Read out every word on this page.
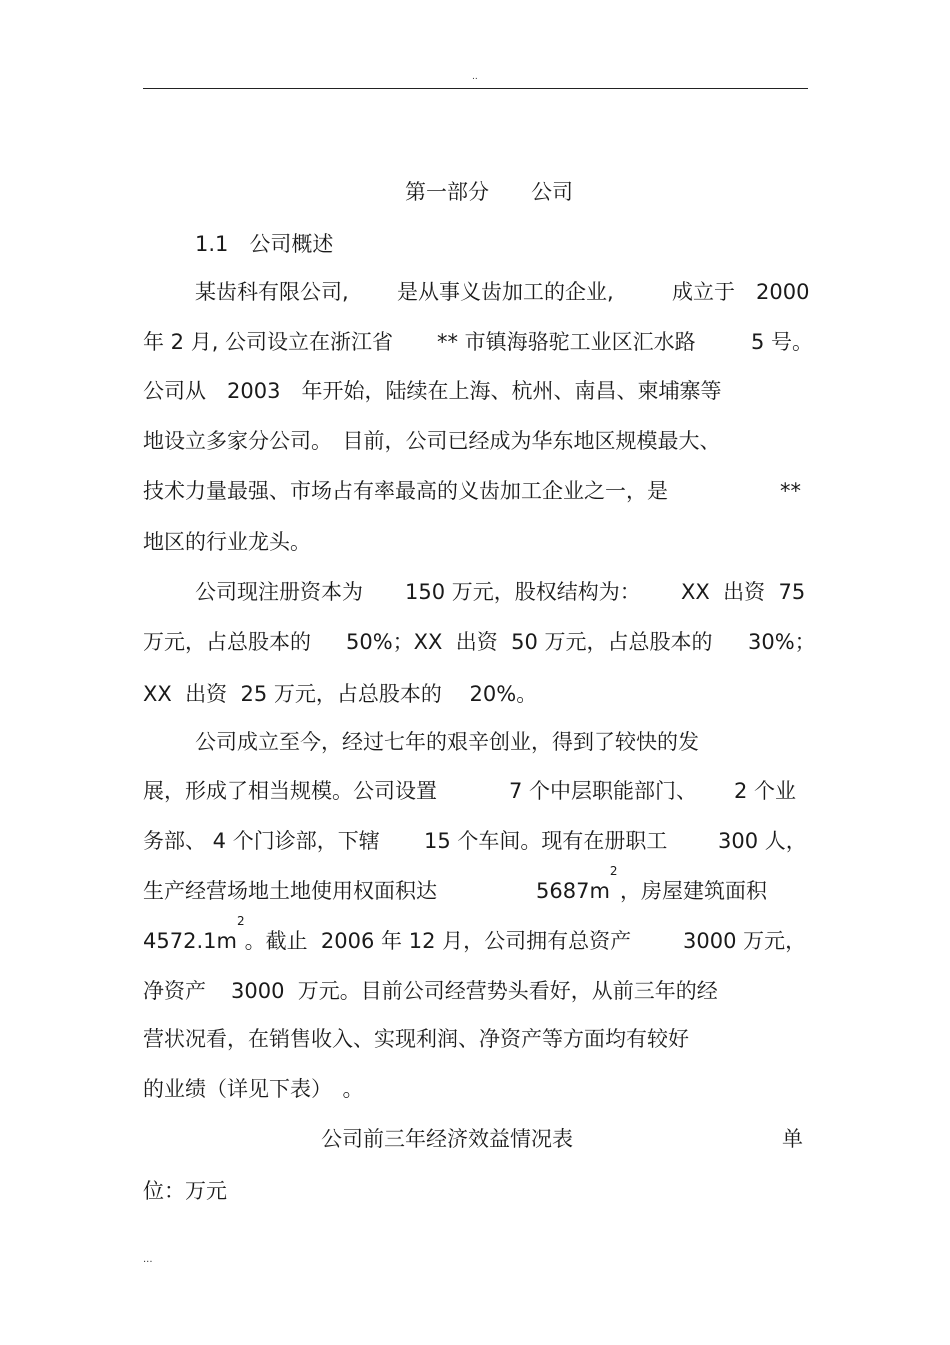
..
第一部分　　公司
1.1　公司概述
某齿科有限公司, 是从事义齿加工的企业,	成立于 2000
年 2 月, 公司设立在浙江省 ** 市镇海骆驼工业区汇水路	5 号。
公司从　2003　年开始，陆续在上海、杭州、南昌、柬埔寨等
地设立多家分公司。　目前，公司已经成为华东地区规模最大、
技术力量最强、市场占有率最高的义齿加工企业之一，是	**
地区的行业龙头。
公司现注册资本为 150 万元，股权结构为： XX  出资  75
万元，占总股本的 50%；XX  出资  50 万元，占总股本的 30%；
XX  出资  25 万元，占总股本的　 20%。
公司成立至今，经过七年的艰辛创业，得到了较快的发
展，形成了相当规模。公司设置	7 个中层职能部门、 2 个业
务部、 4 个门诊部，下辖 15 个车间。现有在册职工 300 人，
生产经营场地土地使用权面积达	$5687m^2$
，房屋建筑面积
$4572.1m^2$。截止  2006 年 12 月，公司拥有总资产 3000 万元，
净资产 3000  万元。目前公司经营势头看好，从前三年的经
营状况看，在销售收入、实现利润、净资产等方面均有较好
的业绩（详见下表）　。
公司前三年经济效益情况表	单
位：万元
...
